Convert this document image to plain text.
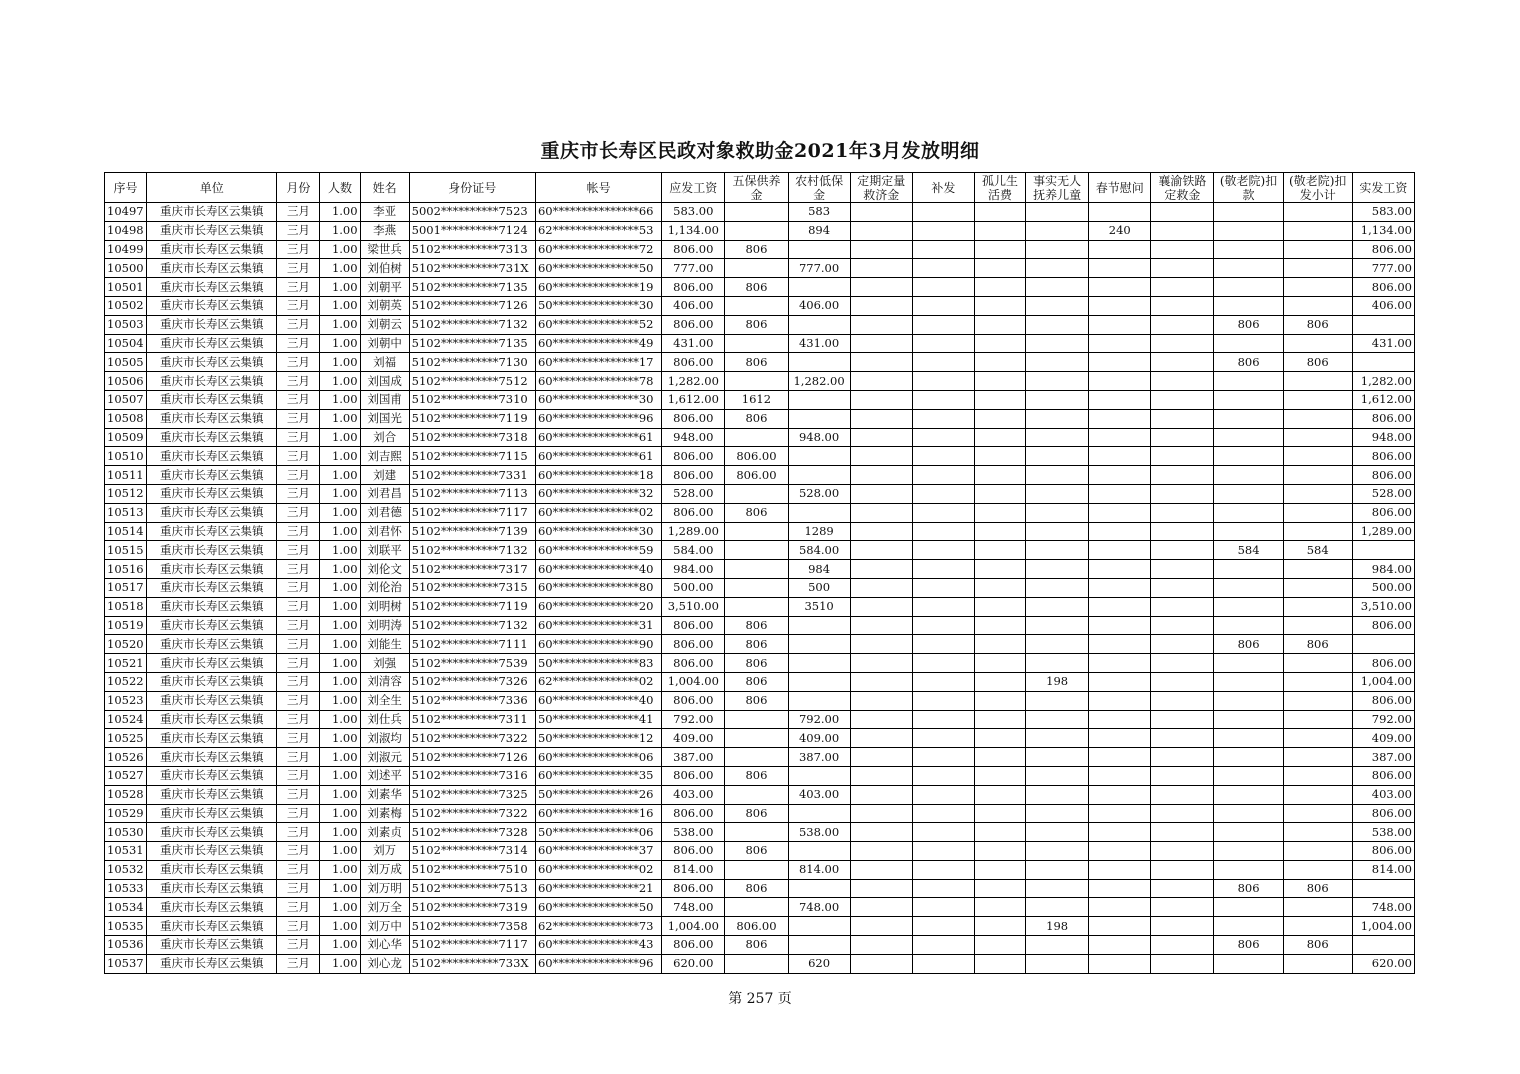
重庆市长寿区民政对象救助金2021年3月发放明细
序号	单位	月份	人数	姓名	身份证号	帐号	应发工资	五保供养金	农村低保金	定期定量救济金	补发	孤儿生活费	事实无人抚养儿童	春节慰问	襄渝铁路定救金	(敬老院)扣款	(敬老院)扣发小计	实发工资
10497	重庆市长寿区云集镇	三月	1.00	李亚	5002**********7523	60***************66	583.00		583									583.00
10498	重庆市长寿区云集镇	三月	1.00	李燕	5001**********7124	62***************53	1,134.00		894					240				1,134.00
10499	重庆市长寿区云集镇	三月	1.00	梁世兵	5102**********7313	60***************72	806.00	806										806.00
10500	重庆市长寿区云集镇	三月	1.00	刘伯树	5102**********731X	60***************50	777.00		777.00									777.00
10501	重庆市长寿区云集镇	三月	1.00	刘朝平	5102**********7135	60***************19	806.00	806										806.00
10502	重庆市长寿区云集镇	三月	1.00	刘朝英	5102**********7126	50***************30	406.00		406.00									406.00
10503	重庆市长寿区云集镇	三月	1.00	刘朝云	5102**********7132	60***************52	806.00	806								806	806	
10504	重庆市长寿区云集镇	三月	1.00	刘朝中	5102**********7135	60***************49	431.00		431.00									431.00
10505	重庆市长寿区云集镇	三月	1.00	刘福	5102**********7130	60***************17	806.00	806								806	806	
10506	重庆市长寿区云集镇	三月	1.00	刘国成	5102**********7512	60***************78	1,282.00		1,282.00									1,282.00
10507	重庆市长寿区云集镇	三月	1.00	刘国甫	5102**********7310	60***************30	1,612.00	1612										1,612.00
10508	重庆市长寿区云集镇	三月	1.00	刘国光	5102**********7119	60***************96	806.00	806										806.00
10509	重庆市长寿区云集镇	三月	1.00	刘合	5102**********7318	60***************61	948.00		948.00									948.00
10510	重庆市长寿区云集镇	三月	1.00	刘吉熙	5102**********7115	60***************61	806.00	806.00										806.00
10511	重庆市长寿区云集镇	三月	1.00	刘建	5102**********7331	60***************18	806.00	806.00										806.00
10512	重庆市长寿区云集镇	三月	1.00	刘君昌	5102**********7113	60***************32	528.00		528.00									528.00
10513	重庆市长寿区云集镇	三月	1.00	刘君德	5102**********7117	60***************02	806.00	806										806.00
10514	重庆市长寿区云集镇	三月	1.00	刘君怀	5102**********7139	60***************30	1,289.00		1289									1,289.00
10515	重庆市长寿区云集镇	三月	1.00	刘联平	5102**********7132	60***************59	584.00		584.00							584	584	
10516	重庆市长寿区云集镇	三月	1.00	刘伦文	5102**********7317	60***************40	984.00		984									984.00
10517	重庆市长寿区云集镇	三月	1.00	刘伦治	5102**********7315	60***************80	500.00		500									500.00
10518	重庆市长寿区云集镇	三月	1.00	刘明树	5102**********7119	60***************20	3,510.00		3510									3,510.00
10519	重庆市长寿区云集镇	三月	1.00	刘明涛	5102**********7132	60***************31	806.00	806										806.00
10520	重庆市长寿区云集镇	三月	1.00	刘能生	5102**********7111	60***************90	806.00	806								806	806	
10521	重庆市长寿区云集镇	三月	1.00	刘强	5102**********7539	50***************83	806.00	806										806.00
10522	重庆市长寿区云集镇	三月	1.00	刘清容	5102**********7326	62***************02	1,004.00	806					198					1,004.00
10523	重庆市长寿区云集镇	三月	1.00	刘全生	5102**********7336	60***************40	806.00	806										806.00
10524	重庆市长寿区云集镇	三月	1.00	刘仕兵	5102**********7311	50***************41	792.00		792.00									792.00
10525	重庆市长寿区云集镇	三月	1.00	刘淑均	5102**********7322	50***************12	409.00		409.00									409.00
10526	重庆市长寿区云集镇	三月	1.00	刘淑元	5102**********7126	60***************06	387.00		387.00									387.00
10527	重庆市长寿区云集镇	三月	1.00	刘述平	5102**********7316	60***************35	806.00	806										806.00
10528	重庆市长寿区云集镇	三月	1.00	刘素华	5102**********7325	50***************26	403.00		403.00									403.00
10529	重庆市长寿区云集镇	三月	1.00	刘素梅	5102**********7322	60***************16	806.00	806										806.00
10530	重庆市长寿区云集镇	三月	1.00	刘素贞	5102**********7328	50***************06	538.00		538.00									538.00
10531	重庆市长寿区云集镇	三月	1.00	刘万	5102**********7314	60***************37	806.00	806										806.00
10532	重庆市长寿区云集镇	三月	1.00	刘万成	5102**********7510	60***************02	814.00		814.00									814.00
10533	重庆市长寿区云集镇	三月	1.00	刘万明	5102**********7513	60***************21	806.00	806								806	806	
10534	重庆市长寿区云集镇	三月	1.00	刘万全	5102**********7319	60***************50	748.00		748.00									748.00
10535	重庆市长寿区云集镇	三月	1.00	刘万中	5102**********7358	62***************73	1,004.00	806.00					198					1,004.00
10536	重庆市长寿区云集镇	三月	1.00	刘心华	5102**********7117	60***************43	806.00	806								806	806	
10537	重庆市长寿区云集镇	三月	1.00	刘心龙	5102**********733X	60***************96	620.00		620									620.00
第 257 页
